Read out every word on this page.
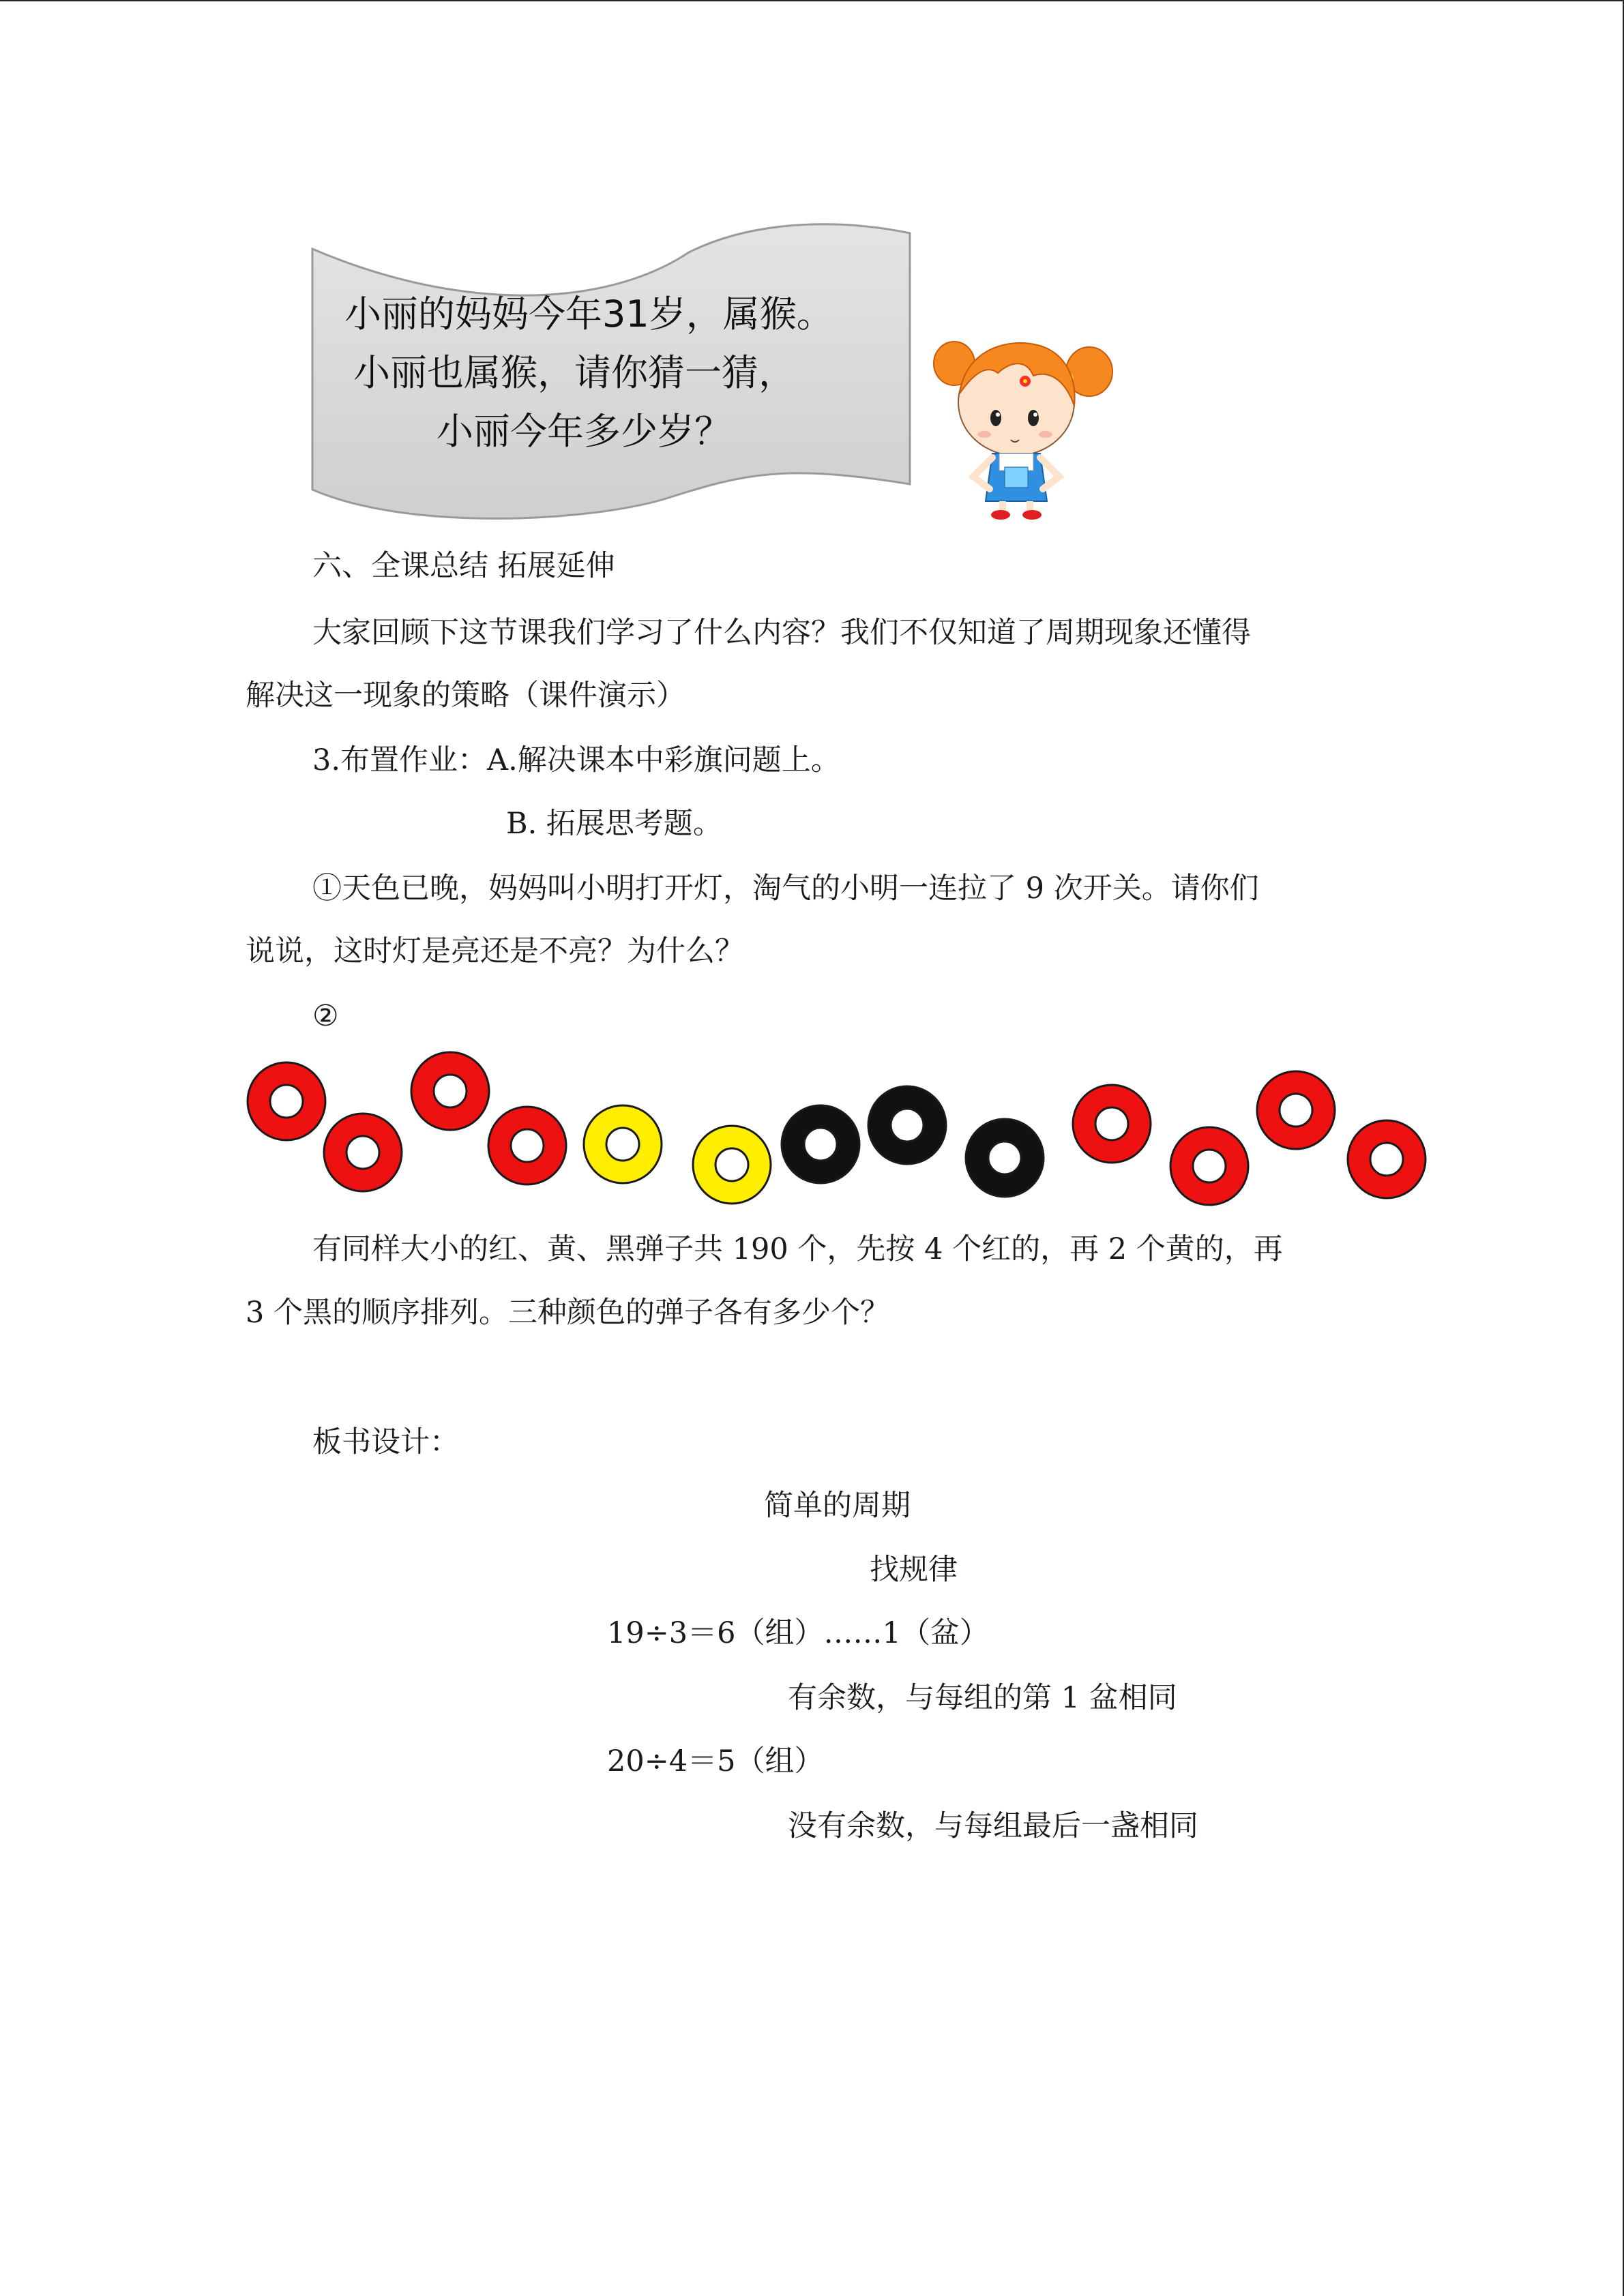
小丽的妈妈今年31岁，属猴。
小丽也属猴，请你猜一猜，
小丽今年多少岁？
六、全课总结 拓展延伸
大家回顾下这节课我们学习了什么内容？我们不仅知道了周期现象还懂得
解决这一现象的策略（课件演示）
3.布置作业：A.解决课本中彩旗问题上。
B. 拓展思考题。
①天色已晚，妈妈叫小明打开灯，淘气的小明一连拉了 9 次开关。请你们
说说，这时灯是亮还是不亮？为什么？
②
有同样大小的红、黄、黑弹子共 190 个，先按 4 个红的，再 2 个黄的，再
3 个黑的顺序排列。三种颜色的弹子各有多少个？
板书设计：
简单的周期
找规律
19÷3＝6（组）……1（盆）
有余数，与每组的第 1 盆相同
20÷4＝5（组）
没有余数，与每组最后一盏相同
